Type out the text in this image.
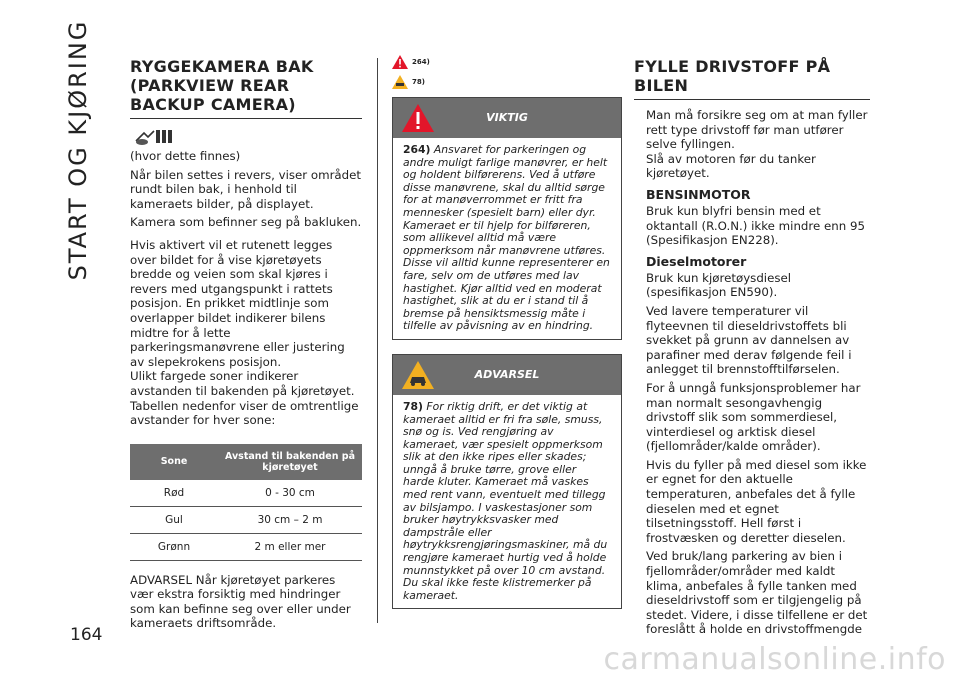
START OG KJØRING
164
RYGGEKAMERA BAK
(PARKVIEW REAR
BACKUP CAMERA)

(hvor dette finnes)

Når bilen settes i revers, viser området rundt bilen bak, i henhold til kameraets bilder, på displayet.

Kamera som befinner seg på bakluken.

Hvis aktivert vil et rutenett legges over bildet for å vise kjøretøyets bredde og veien som skal kjøres i revers med utgangspunkt i rattets posisjon. En prikket midtlinje som overlapper bildet indikerer bilens midtre for å lette parkeringsmanøvrene eller justering av slepekrokens posisjon.

Ulikt fargede soner indikerer avstanden til bakenden på kjøretøyet.

Tabellen nedenfor viser de omtrentlige avstander for hver sone:

Sone	Avstand til bakenden på kjøretøyet
Rød	0 - 30 cm
Gul	30 cm – 2 m
Grønn	2 m eller mer

ADVARSEL Når kjøretøyet parkeres vær ekstra forsiktig med hindringer som kan befinne seg over eller under kameraets driftsområde.

264)
78)
VIKTIG
264) Ansvaret for parkeringen og andre muligt farlige manøvrer, er helt og holdent bilførerens. Ved å utføre disse manøvrene, skal du alltid sørge for at manøverrommet er fritt fra mennesker (spesielt barn) eller dyr. Kameraet er til hjelp for bilføreren, som allikevel alltid må være oppmerksom når manøvrene utføres. Disse vil alltid kunne representerer en fare, selv om de utføres med lav hastighet. Kjør alltid ved en moderat hastighet, slik at du er i stand til å bremse på hensiktsmessig måte i tilfelle av påvisning av en hindring.
ADVARSEL
78) For riktig drift, er det viktig at kameraet alltid er fri fra søle, smuss, snø og is. Ved rengjøring av kameraet, vær spesielt oppmerksom slik at den ikke ripes eller skades; unngå å bruke tørre, grove eller harde kluter. Kameraet må vaskes med rent vann, eventuelt med tillegg av bilsjampo. I vaskestasjoner som bruker høytrykksvasker med dampstråle eller høytrykksrengjøringsmaskiner, må du rengjøre kameraet hurtig ved å holde munnstykket på over 10 cm avstand. Du skal ikke feste klistremerker på kameraet.
FYLLE DRIVSTOFF PÅ
BILEN

Man må forsikre seg om at man fyller rett type drivstoff før man utfører selve fyllingen.

Slå av motoren før du tanker kjøretøyet.

BENSINMOTOR

Bruk kun blyfri bensin med et oktantall (R.O.N.) ikke mindre enn 95 (Spesifikasjon EN228).

Dieselmotorer

Bruk kun kjøretøysdiesel (spesifikasjon EN590).

Ved lavere temperaturer vil flyteevnen til dieseldrivstoffets bli svekket på grunn av dannelsen av parafiner med derav følgende feil i anlegget til brennstofftilførselen.

For å unngå funksjonsproblemer har man normalt sesongavhengig drivstoff slik som sommerdiesel, vinterdiesel og arktisk diesel (fjellområder/kalde områder).

Hvis du fyller på med diesel som ikke er egnet for den aktuelle temperaturen, anbefales det å fylle dieselen med et egnet tilsetningsstoff. Hell først i frostvæsken og deretter dieselen.

Ved bruk/lang parkering av bien i fjellområder/områder med kaldt klima, anbefales å fylle tanken med dieseldrivstoff som er tilgjengelig på stedet. Videre, i disse tilfellene er det foreslått å holde en drivstoffmengde

carmanualsonline.info
